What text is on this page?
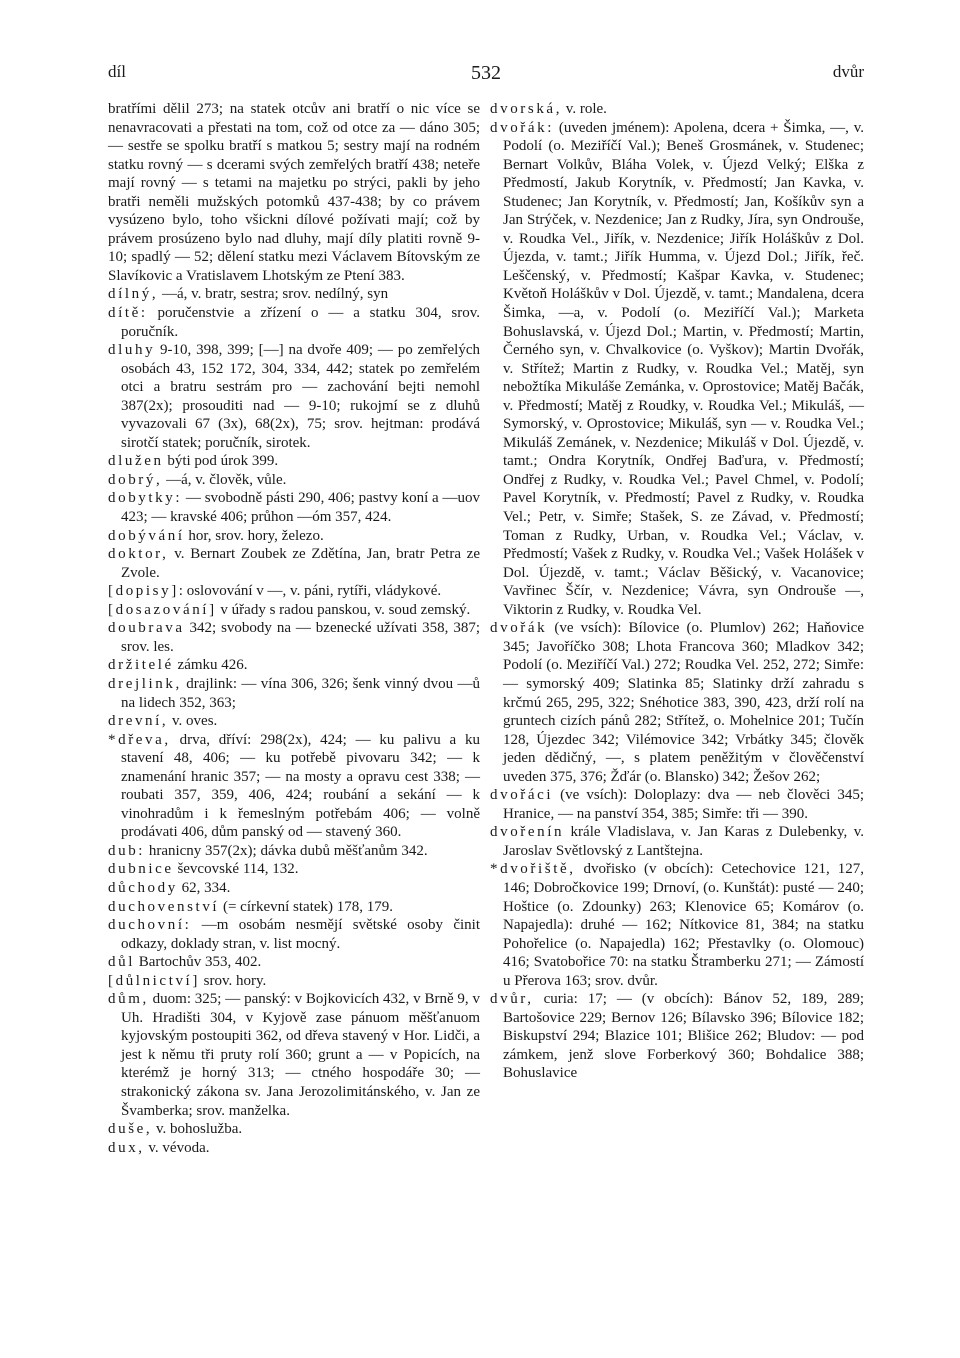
díl	532	dvůr

bratřími dělil 273; na statek otcův ani bratří o nic více se nenavracovati a přestati na tom, což od otce za — dáno 305; — sestře se spolku bratří s matkou 5; sestry mají na rodném statku rovný — s dcerami svých zemřelých bratří 438; neteře mají rovný — s tetami na majetku po strýci, pakli by jeho bratři neměli mužských potomků 437-438; by co právem vysúzeno bylo, toho všickni dílové požívati mají; což by právem prosúzeno bylo nad dluhy, mají díly platiti rovně 9-10; spadlý — 52; dělení statku mezi Václavem Bítovským ze Slavíkovic a Vratislavem Lhotským ze Ptení 383.

dílný, —á, v. bratr, sestra; srov. nedílný, syn

dítě: poručenstvie a zřízení o — a statku 304, srov. poručník.

dluhy 9-10, 398, 399; [—] na dvoře 409; — po zemřelých osobách 43, 152 172, 304, 334, 442; statek po zemřelém otci a bratru sestrám pro — zachování bejti nemohl 387(2x); prosouditi nad — 9-10; rukojmí se z dluhů vyvazovali 67 (3x), 68(2x), 75; srov. hejtman: prodává sirotčí statek; poručník, sirotek.

dlužen býti pod úrok 399.

dobrý, —á, v. člověk, vůle.

dobytky: — svobodně pásti 290, 406; pastvy koní a —uov 423; — kravské 406; průhon —óm 357, 424.

dobývání hor, srov. hory, železo.

doktor, v. Bernart Zoubek ze Zdětína, Jan, bratr Petra ze Zvole.

[dopisy]: oslovování v —, v. páni, rytíři, vládykové.

[dosazování] v úřady s radou panskou, v. soud zemský.

doubrava 342; svobody na — bzenecké užívati 358, 387; srov. les.

držitelé zámku 426.

drejlink, drajlink: — vína 306, 326; šenk vinný dvou —ů na lidech 352, 363;

drevní, v. oves.

*dřeva, drva, dříví: 298(2x), 424; — ku palivu a ku stavení 48, 406; — ku potřebě pivovaru 342; — k znamenání hranic 357; — na mosty a opravu cest 338; — roubati 357, 359, 406, 424; roubání a sekání — k vinohradům i k řemeslným potřebám 406; — volně prodávati 406, dům panský od — stavený 360.

dub: hranicny 357(2x); dávka dubů měšťanům 342.

dubnice ševcovské 114, 132.

důchody 62, 334.

duchovenství (= církevní statek) 178, 179.

duchovní: —m osobám nesmějí světské osoby činit odkazy, doklady stran, v. list mocný.

důl Bartochův 353, 402.

[důlnictví] srov. hory.

dům, duom: 325; — panský: v Bojkovicích 432, v Brně 9, v Uh. Hradišti 304, v Kyjově zase pánuom měšťanuom kyjovským postoupiti 362, od dřeva stavený v Hor. Lidči, a jest k němu tři pruty rolí 360; grunt a — v Popicích, na kterémž je horný 313; — ctného hospodáře 30; — strakonický zákona sv. Jana Jerozolimitánského, v. Jan ze Švamberka; srov. manželka.

duše, v. bohoslužba.

dux, v. vévoda.

dvorská, v. role.

dvořák: (uveden jménem): Apolena, dcera + Šimka, —, v. Podolí (o. Meziříčí Val.); Beneš Grosmánek, v. Studenec; Bernart Volkův, Bláha Volek, v. Újezd Velký; Elška z Předmostí, Jakub Korytník, v. Předmostí; Jan Kavka, v. Studenec; Jan Korytník, v. Předmostí; Jan, Košíkův syn a Jan Strýček, v. Nezdenice; Jan z Rudky, Jíra, syn Ondrouše, v. Roudka Vel., Jiřík, v. Nezdenice; Jiřík Holáškův z Dol. Újezda, v. tamt.; Jiřík Humma, v. Újezd Dol.; Jiřík, řeč. Leščenský, v. Předmostí; Kašpar Kavka, v. Studenec; Květoň Holáškův v Dol. Újezdě, v. tamt.; Mandalena, dcera Šimka, —a, v. Podolí (o. Meziříčí Val.); Marketa Bohuslavská, v. Újezd Dol.; Martin, v. Předmostí; Martin, Černého syn, v. Chvalkovice (o. Vyškov); Martin Dvořák, v. Střítež; Martin z Rudky, v. Roudka Vel.; Matěj, syn nebožtíka Mikuláše Zemánka, v. Oprostovice; Matěj Bačák, v. Předmostí; Matěj z Roudky, v. Roudka Vel.; Mikuláš, — Symorský, v. Oprostovice; Mikuláš, syn — v. Roudka Vel.; Mikuláš Zemánek, v. Nezdenice; Mikuláš v Dol. Újezdě, v. tamt.; Ondra Korytník, Ondřej Baďura, v. Předmostí; Ondřej z Rudky, v. Roudka Vel.; Pavel Chmel, v. Podolí; Pavel Korytník, v. Předmostí; Pavel z Rudky, v. Roudka Vel.; Petr, v. Simře; Stašek, S. ze Závad, v. Předmostí; Toman z Rudky, Urban, v. Roudka Vel.; Václav, v. Předmostí; Vašek z Rudky, v. Roudka Vel.; Vašek Holášek v Dol. Újezdě, v. tamt.; Václav Běšický, v. Vacanovice; Vavřinec Ščír, v. Nezdenice; Vávra, syn Ondrouše —, Viktorin z Rudky, v. Roudka Vel.

dvořák (ve vsích): Bílovice (o. Plumlov) 262; Haňovice 345; Javoříčko 308; Lhota Francova 360; Mladkov 342; Podolí (o. Meziříčí Val.) 272; Roudka Vel. 252, 272; Simře: — symorský 409; Slatinka 85; Slatinky drží zahradu s krčmú 265, 295, 322; Snéhotice 383, 390, 423, drží rolí na gruntech cizích pánů 282; Střítež, o. Mohelnice 201; Tučín 128, Újezdec 342; Vilémovice 342; Vrbátky 345; člověk jeden dědičný, —, s platem peněžitým v člověčenství uveden 375, 376; Žďár (o. Blansko) 342; Žešov 262;

dvořáci (ve vsích): Doloplazy: dva — neb člověci 345; Hranice, — na panství 354, 385; Simře: tři — 390.

dvořenín krále Vladislava, v. Jan Karas z Dulebenky, v. Jaroslav Světlovský z Lantštejna.

*dvořiště, dvořisko (v obcích): Cetechovice 121, 127, 146; Dobročkovice 199; Drnoví, (o. Kunštát): pusté — 240; Hoštice (o. Zdounky) 263; Klenovice 65; Komárov (o. Napajedla): druhé — 162; Nítkovice 81, 384; na statku Pohořelice (o. Napajedla) 162; Přestavlky (o. Olomouc) 416; Svatobořice 70: na statku Štramberku 271; — Zámostí u Přerova 163; srov. dvůr.

dvůr, curia: 17; — (v obcích): Bánov 52, 189, 289; Bartošovice 229; Bernov 126; Bílavsko 396; Bílovice 182; Biskupství 294; Blazice 101; Blišice 262; Bludov: — pod zámkem, jenž slove Forberkový 360; Bohdalice 388; Bohuslavice
